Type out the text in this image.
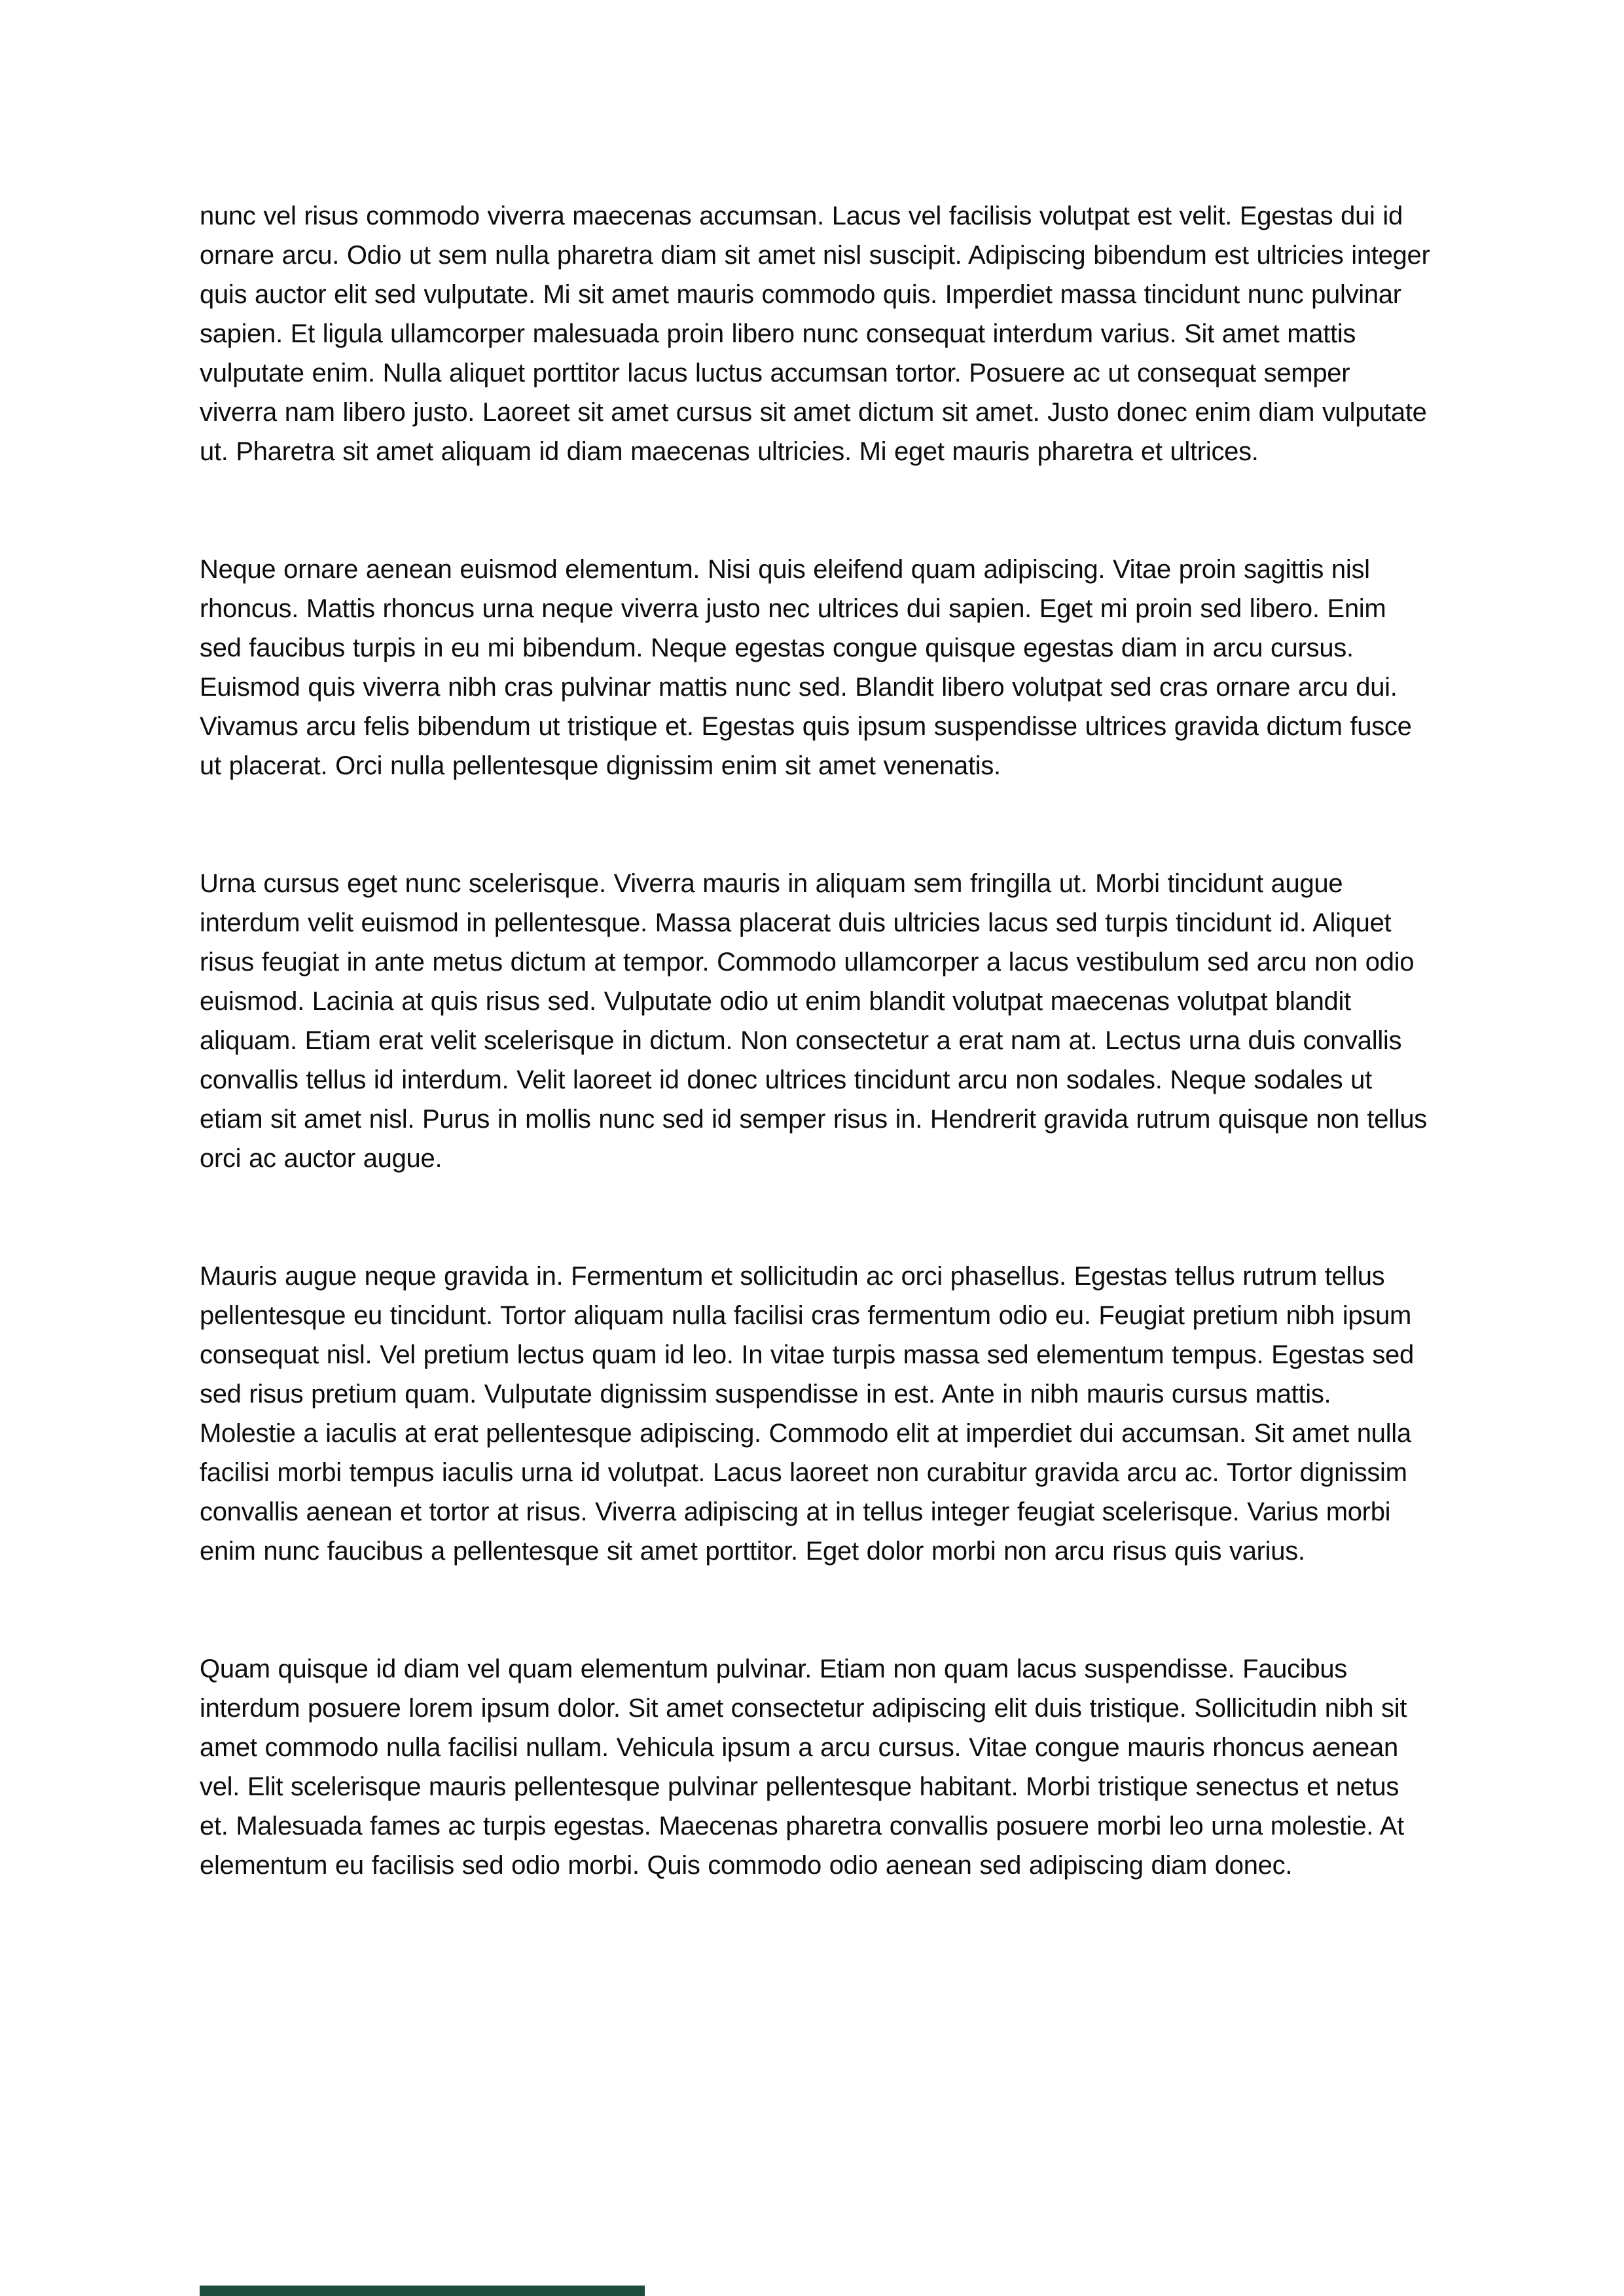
nunc vel risus commodo viverra maecenas accumsan. Lacus vel facilisis volutpat est velit. Egestas dui id ornare arcu. Odio ut sem nulla pharetra diam sit amet nisl suscipit. Adipiscing bibendum est ultricies integer quis auctor elit sed vulputate. Mi sit amet mauris commodo quis. Imperdiet massa tincidunt nunc pulvinar sapien. Et ligula ullamcorper malesuada proin libero nunc consequat interdum varius. Sit amet mattis vulputate enim. Nulla aliquet porttitor lacus luctus accumsan tortor. Posuere ac ut consequat semper viverra nam libero justo. Laoreet sit amet cursus sit amet dictum sit amet. Justo donec enim diam vulputate ut. Pharetra sit amet aliquam id diam maecenas ultricies. Mi eget mauris pharetra et ultrices.

Neque ornare aenean euismod elementum. Nisi quis eleifend quam adipiscing. Vitae proin sagittis nisl rhoncus. Mattis rhoncus urna neque viverra justo nec ultrices dui sapien. Eget mi proin sed libero. Enim sed faucibus turpis in eu mi bibendum. Neque egestas congue quisque egestas diam in arcu cursus. Euismod quis viverra nibh cras pulvinar mattis nunc sed. Blandit libero volutpat sed cras ornare arcu dui. Vivamus arcu felis bibendum ut tristique et. Egestas quis ipsum suspendisse ultrices gravida dictum fusce ut placerat. Orci nulla pellentesque dignissim enim sit amet venenatis.

Urna cursus eget nunc scelerisque. Viverra mauris in aliquam sem fringilla ut. Morbi tincidunt augue interdum velit euismod in pellentesque. Massa placerat duis ultricies lacus sed turpis tincidunt id. Aliquet risus feugiat in ante metus dictum at tempor. Commodo ullamcorper a lacus vestibulum sed arcu non odio euismod. Lacinia at quis risus sed. Vulputate odio ut enim blandit volutpat maecenas volutpat blandit aliquam. Etiam erat velit scelerisque in dictum. Non consectetur a erat nam at. Lectus urna duis convallis convallis tellus id interdum. Velit laoreet id donec ultrices tincidunt arcu non sodales. Neque sodales ut etiam sit amet nisl. Purus in mollis nunc sed id semper risus in. Hendrerit gravida rutrum quisque non tellus orci ac auctor augue.

Mauris augue neque gravida in. Fermentum et sollicitudin ac orci phasellus. Egestas tellus rutrum tellus pellentesque eu tincidunt. Tortor aliquam nulla facilisi cras fermentum odio eu. Feugiat pretium nibh ipsum consequat nisl. Vel pretium lectus quam id leo. In vitae turpis massa sed elementum tempus. Egestas sed sed risus pretium quam. Vulputate dignissim suspendisse in est. Ante in nibh mauris cursus mattis. Molestie a iaculis at erat pellentesque adipiscing. Commodo elit at imperdiet dui accumsan. Sit amet nulla facilisi morbi tempus iaculis urna id volutpat. Lacus laoreet non curabitur gravida arcu ac. Tortor dignissim convallis aenean et tortor at risus. Viverra adipiscing at in tellus integer feugiat scelerisque. Varius morbi enim nunc faucibus a pellentesque sit amet porttitor. Eget dolor morbi non arcu risus quis varius.

Quam quisque id diam vel quam elementum pulvinar. Etiam non quam lacus suspendisse. Faucibus interdum posuere lorem ipsum dolor. Sit amet consectetur adipiscing elit duis tristique. Sollicitudin nibh sit amet commodo nulla facilisi nullam. Vehicula ipsum a arcu cursus. Vitae congue mauris rhoncus aenean vel. Elit scelerisque mauris pellentesque pulvinar pellentesque habitant. Morbi tristique senectus et netus et. Malesuada fames ac turpis egestas. Maecenas pharetra convallis posuere morbi leo urna molestie. At elementum eu facilisis sed odio morbi. Quis commodo odio aenean sed adipiscing diam donec.
